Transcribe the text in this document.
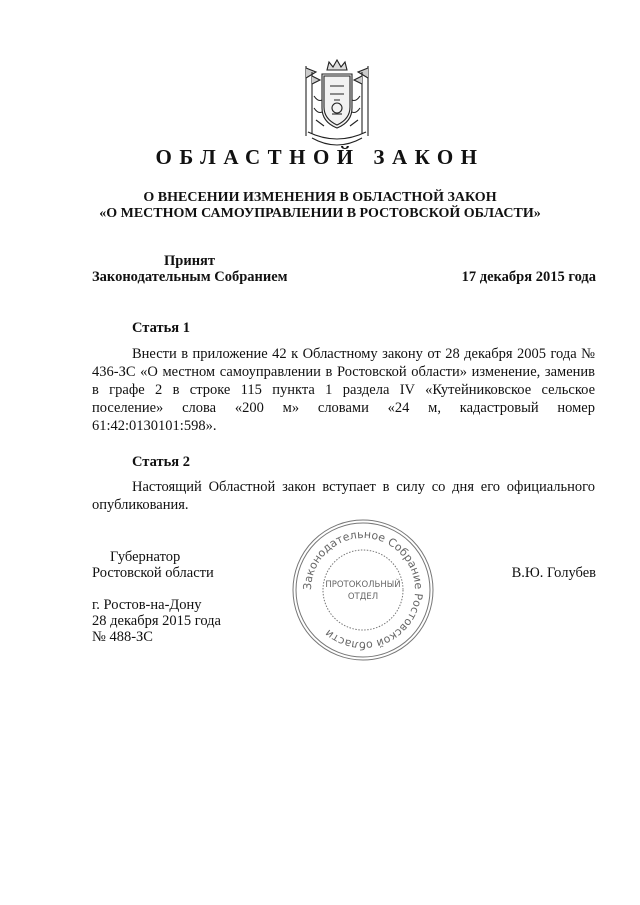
ОБЛАСТНОЙ ЗАКОН
О ВНЕСЕНИИ ИЗМЕНЕНИЯ В ОБЛАСТНОЙ ЗАКОН
«О МЕСТНОМ САМОУПРАВЛЕНИИ В РОСТОВСКОЙ ОБЛАСТИ»
Принят
Законодательным Собранием	17 декабря 2015 года
Статья 1
Внести в приложение 42 к Областному закону от 28 декабря 2005 года № 436-ЗС «О местном самоуправлении в Ростовской области» изменение, заменив в графе 2 в строке 115 пункта 1 раздела IV «Кутейниковское сельское поселение» слова «200 м» словами «24 м, кадастровый номер 61:42:0130101:598».
Статья 2
Настоящий Областной закон вступает в силу со дня его официального опубликования.
Законодательное Собрание Ростовской области
ПРОТОКОЛЬНЫЙ
ОТДЕЛ
Губернатор
Ростовской области	В.Ю. Голубев
г. Ростов-на-Дону
28 декабря 2015 года
№ 488-ЗС
